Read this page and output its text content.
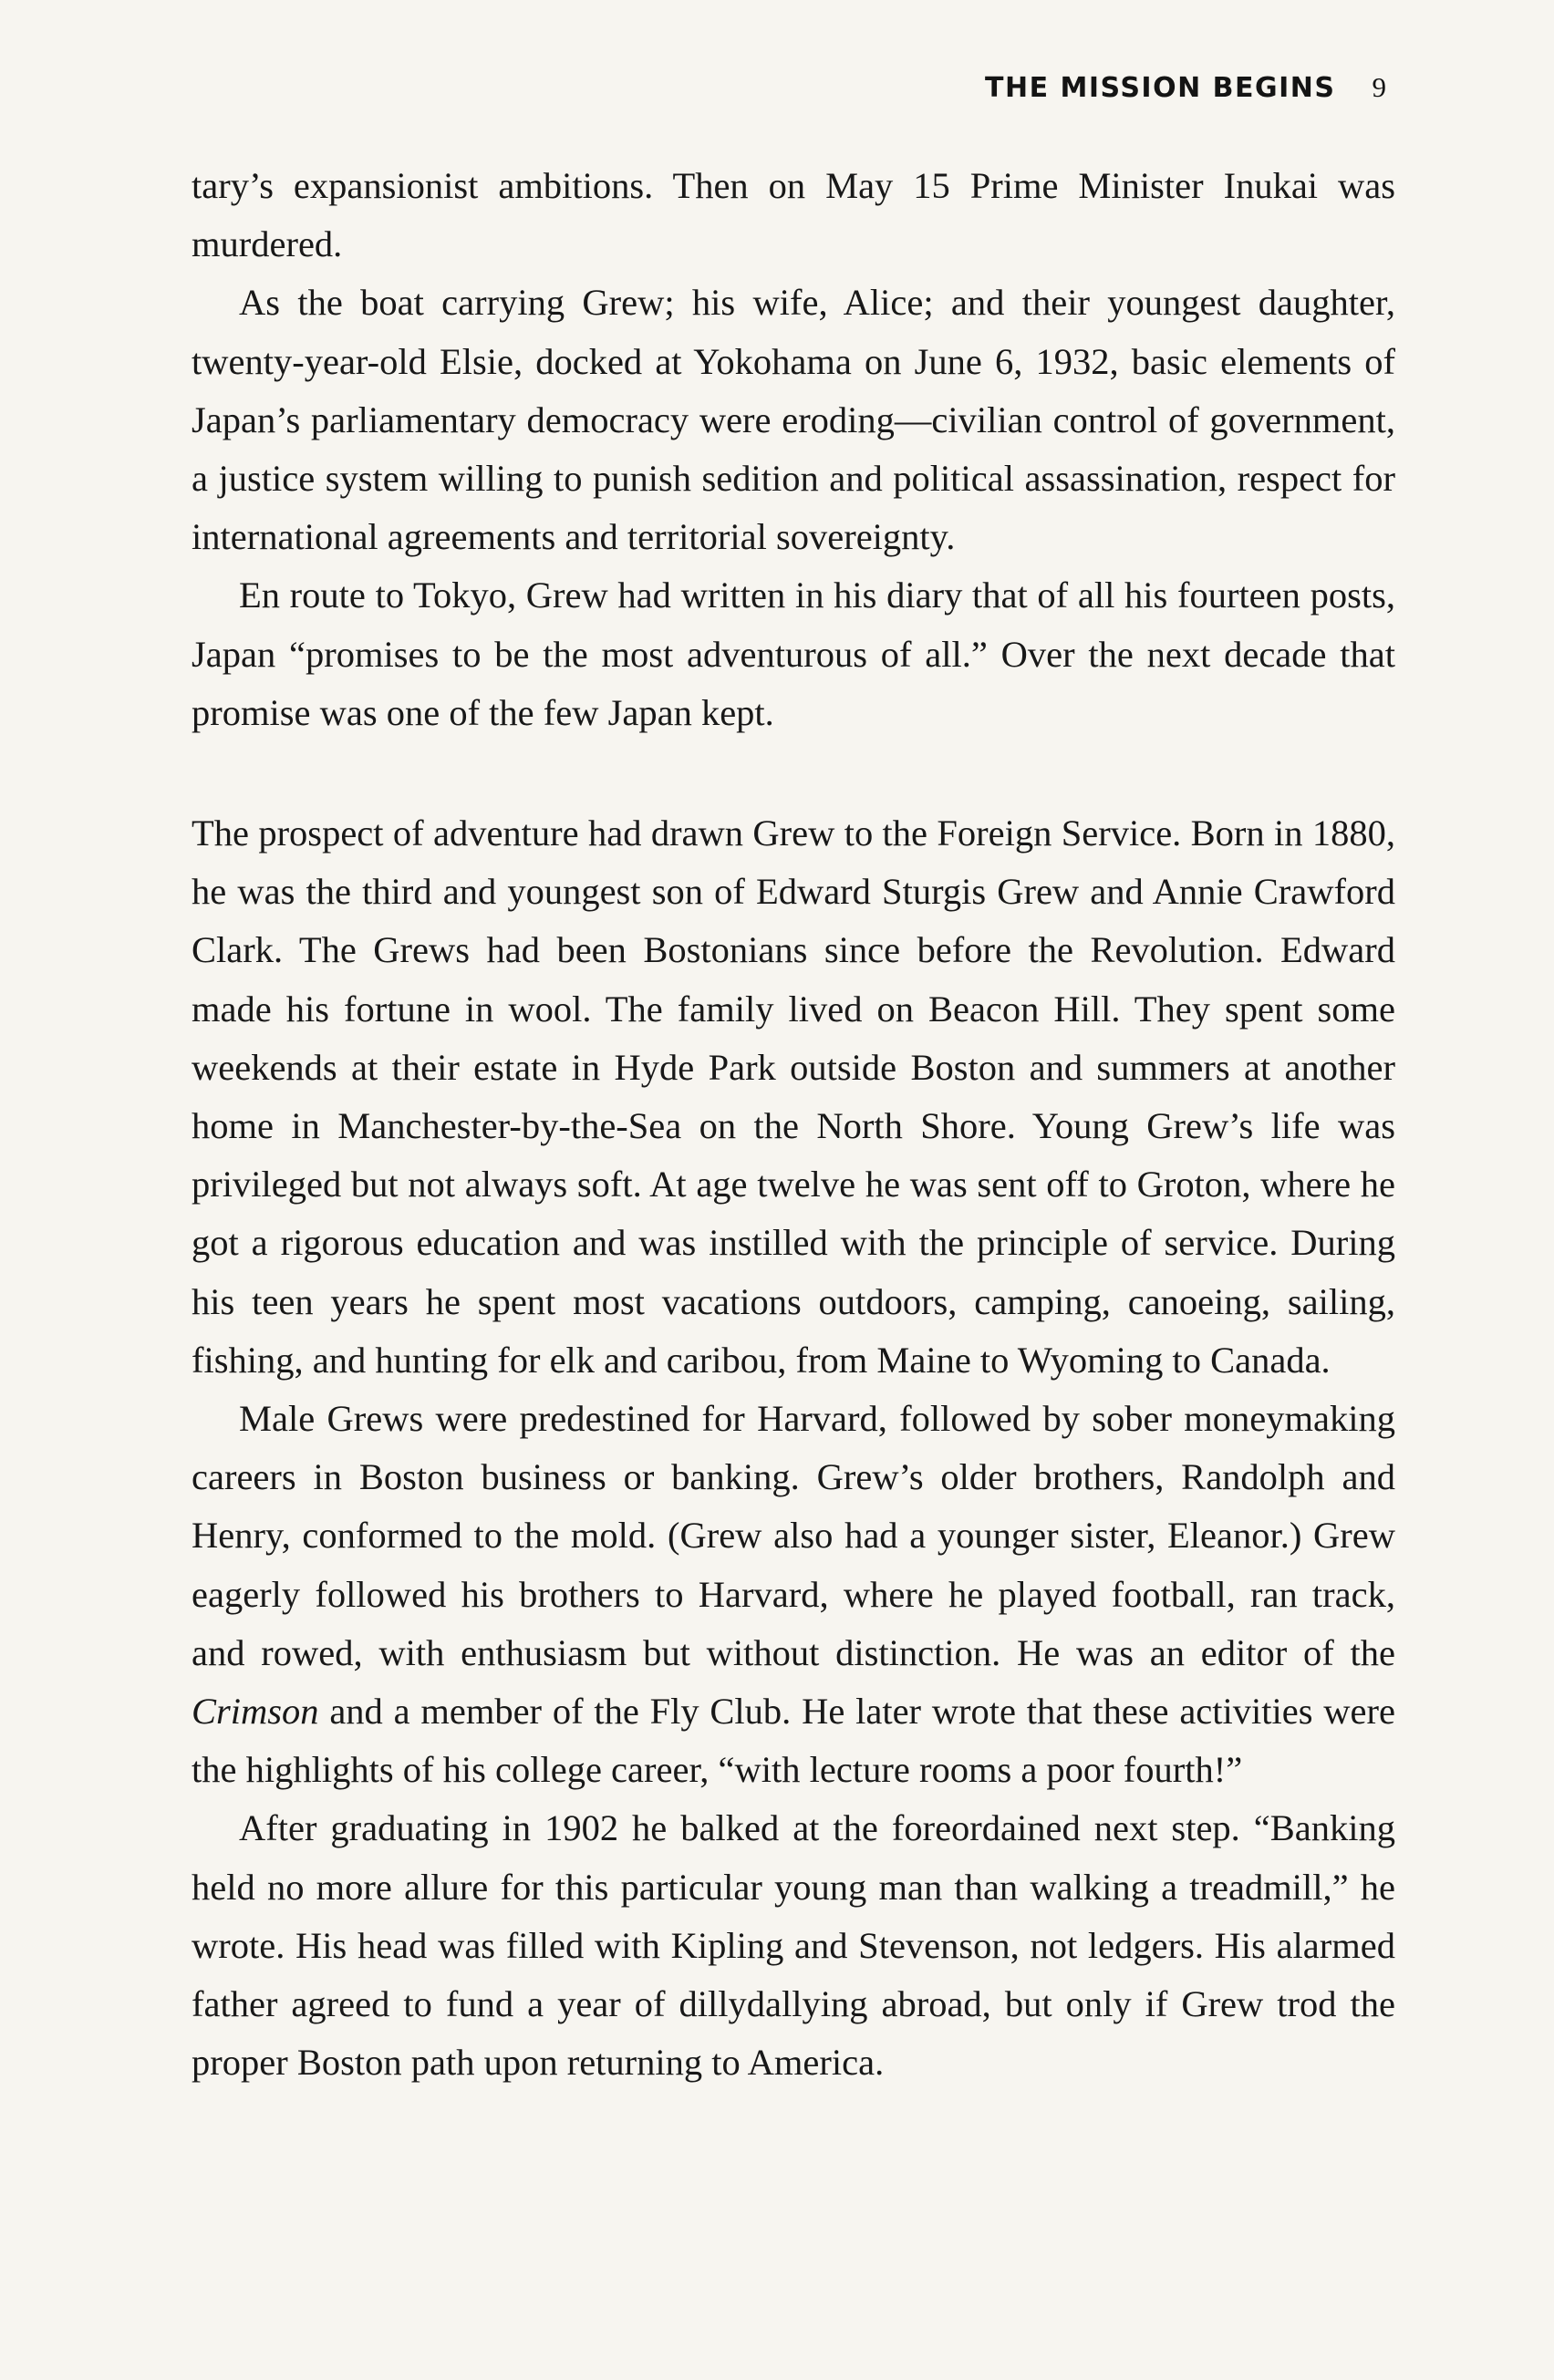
THE MISSION BEGINS 9

tary’s expansionist ambitions. Then on May 15 Prime Minister Inukai was murdered.

As the boat carrying Grew; his wife, Alice; and their youngest daughter, twenty-year-old Elsie, docked at Yokohama on June 6, 1932, basic elements of Japan’s parliamentary democracy were eroding—civilian control of government, a justice system willing to punish sedition and political assassination, respect for international agreements and territorial sovereignty.

En route to Tokyo, Grew had written in his diary that of all his fourteen posts, Japan “promises to be the most adventurous of all.” Over the next decade that promise was one of the few Japan kept.

The prospect of adventure had drawn Grew to the Foreign Service. Born in 1880, he was the third and youngest son of Edward Sturgis Grew and Annie Crawford Clark. The Grews had been Bostonians since before the Revolution. Edward made his fortune in wool. The family lived on Beacon Hill. They spent some weekends at their estate in Hyde Park outside Boston and summers at another home in Manchester-by-the-Sea on the North Shore. Young Grew’s life was privileged but not always soft. At age twelve he was sent off to Groton, where he got a rigorous education and was instilled with the principle of service. During his teen years he spent most vacations outdoors, camping, canoeing, sailing, fishing, and hunting for elk and caribou, from Maine to Wyoming to Canada.

Male Grews were predestined for Harvard, followed by sober moneymaking careers in Boston business or banking. Grew’s older brothers, Randolph and Henry, conformed to the mold. (Grew also had a younger sister, Eleanor.) Grew eagerly followed his brothers to Harvard, where he played football, ran track, and rowed, with enthusiasm but without distinction. He was an editor of the Crimson and a member of the Fly Club. He later wrote that these activities were the highlights of his college career, “with lecture rooms a poor fourth!”

After graduating in 1902 he balked at the foreordained next step. “Banking held no more allure for this particular young man than walking a treadmill,” he wrote. His head was filled with Kipling and Stevenson, not ledgers. His alarmed father agreed to fund a year of dillydallying abroad, but only if Grew trod the proper Boston path upon returning to America.
